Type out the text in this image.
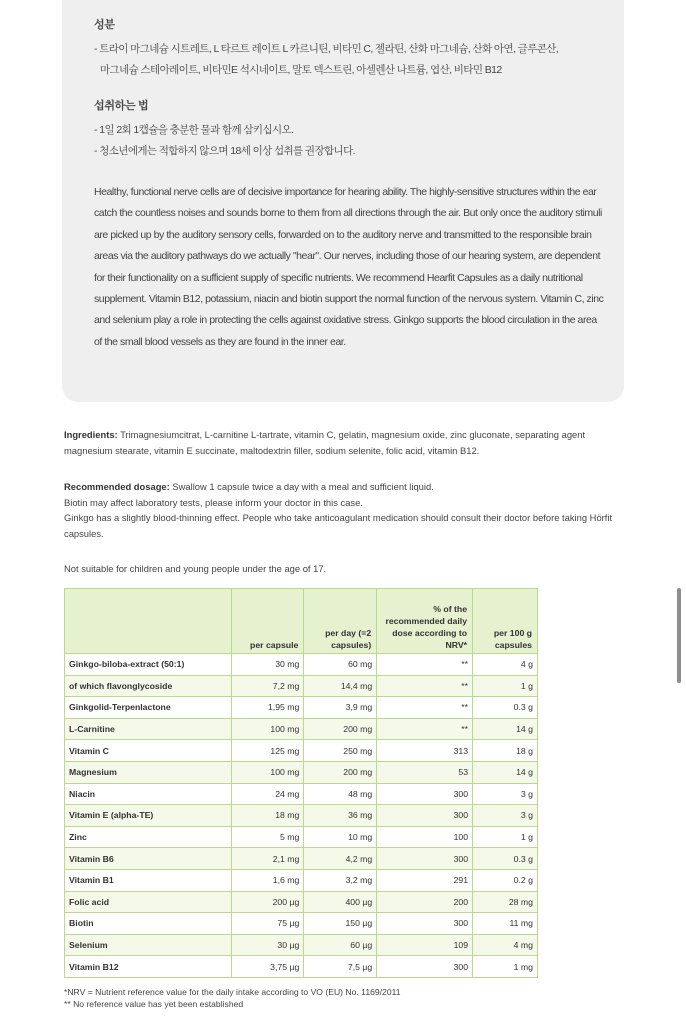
성분
- 트라이 마그네슘 시트레트, L 타르트 레이트 L 카르니틴, 비타민 C, 젤라틴, 산화 마그네슘, 산화 아연, 글루콘산,
마그네슘 스테아레이트, 비타민E 석시네이트, 말토 덱스트린, 아셀렌산 나트륨, 엽산, 비타민 B12
섭취하는 법
- 1일 2회 1캡슐을 충분한 물과 함께 삼키십시오.
- 청소년에게는 적합하지 않으며 18세 이상 섭취를 권장합니다.
Healthy, functional nerve cells are of decisive importance for hearing ability. The highly-sensitive structures within the ear catch the countless noises and sounds borne to them from all directions through the air. But only once the auditory stimuli are picked up by the auditory sensory cells, forwarded on to the auditory nerve and transmitted to the responsible brain areas via the auditory pathways do we actually "hear". Our nerves, including those of our hearing system, are dependent for their functionality on a sufficient supply of specific nutrients. We recommend Hearfit Capsules as a daily nutritional supplement. Vitamin B12, potassium, niacin and biotin support the normal function of the nervous system. Vitamin C, zinc and selenium play a role in protecting the cells against oxidative stress. Ginkgo supports the blood circulation in the area of the small blood vessels as they are found in the inner ear.
Ingredients: Trimagnesiumcitrat, L-carnitine L-tartrate, vitamin C, gelatin, magnesium oxide, zinc gluconate, separating agent magnesium stearate, vitamin E succinate, maltodextrin filler, sodium selenite, folic acid, vitamin B12.
Recommended dosage: Swallow 1 capsule twice a day with a meal and sufficient liquid.
Biotin may affect laboratory tests, please inform your doctor in this case.
Ginkgo has a slightly blood-thinning effect. People who take anticoagulant medication should consult their doctor before taking Hörfit capsules.
Not suitable for children and young people under the age of 17.
	per capsule	per day (=2 capsules)	% of the recommended daily dose according to NRV*	per 100 g capsules
Ginkgo-biloba-extract (50:1)	30 mg	60 mg	**	4 g
of which flavonglycoside	7,2 mg	14,4 mg	**	1 g
Ginkgolid-Terpenlactone	1,95 mg	3,9 mg	**	0.3 g
L-Carnitine	100 mg	200 mg	**	14 g
Vitamin C	125 mg	250 mg	313	18 g
Magnesium	100 mg	200 mg	53	14 g
Niacin	24 mg	48 mg	300	3 g
Vitamin E (alpha-TE)	18 mg	36 mg	300	3 g
Zinc	5 mg	10 mg	100	1 g
Vitamin B6	2,1 mg	4,2 mg	300	0.3 g
Vitamin B1	1,6 mg	3,2 mg	291	0.2 g
Folic acid	200 µg	400 µg	200	28 mg
Biotin	75 µg	150 µg	300	11 mg
Selenium	30 µg	60 µg	109	4 mg
Vitamin B12	3,75 µg	7,5 µg	300	1 mg
*NRV = Nutrient reference value for the daily intake according to VO (EU) No. 1169/2011
** No reference value has yet been established
